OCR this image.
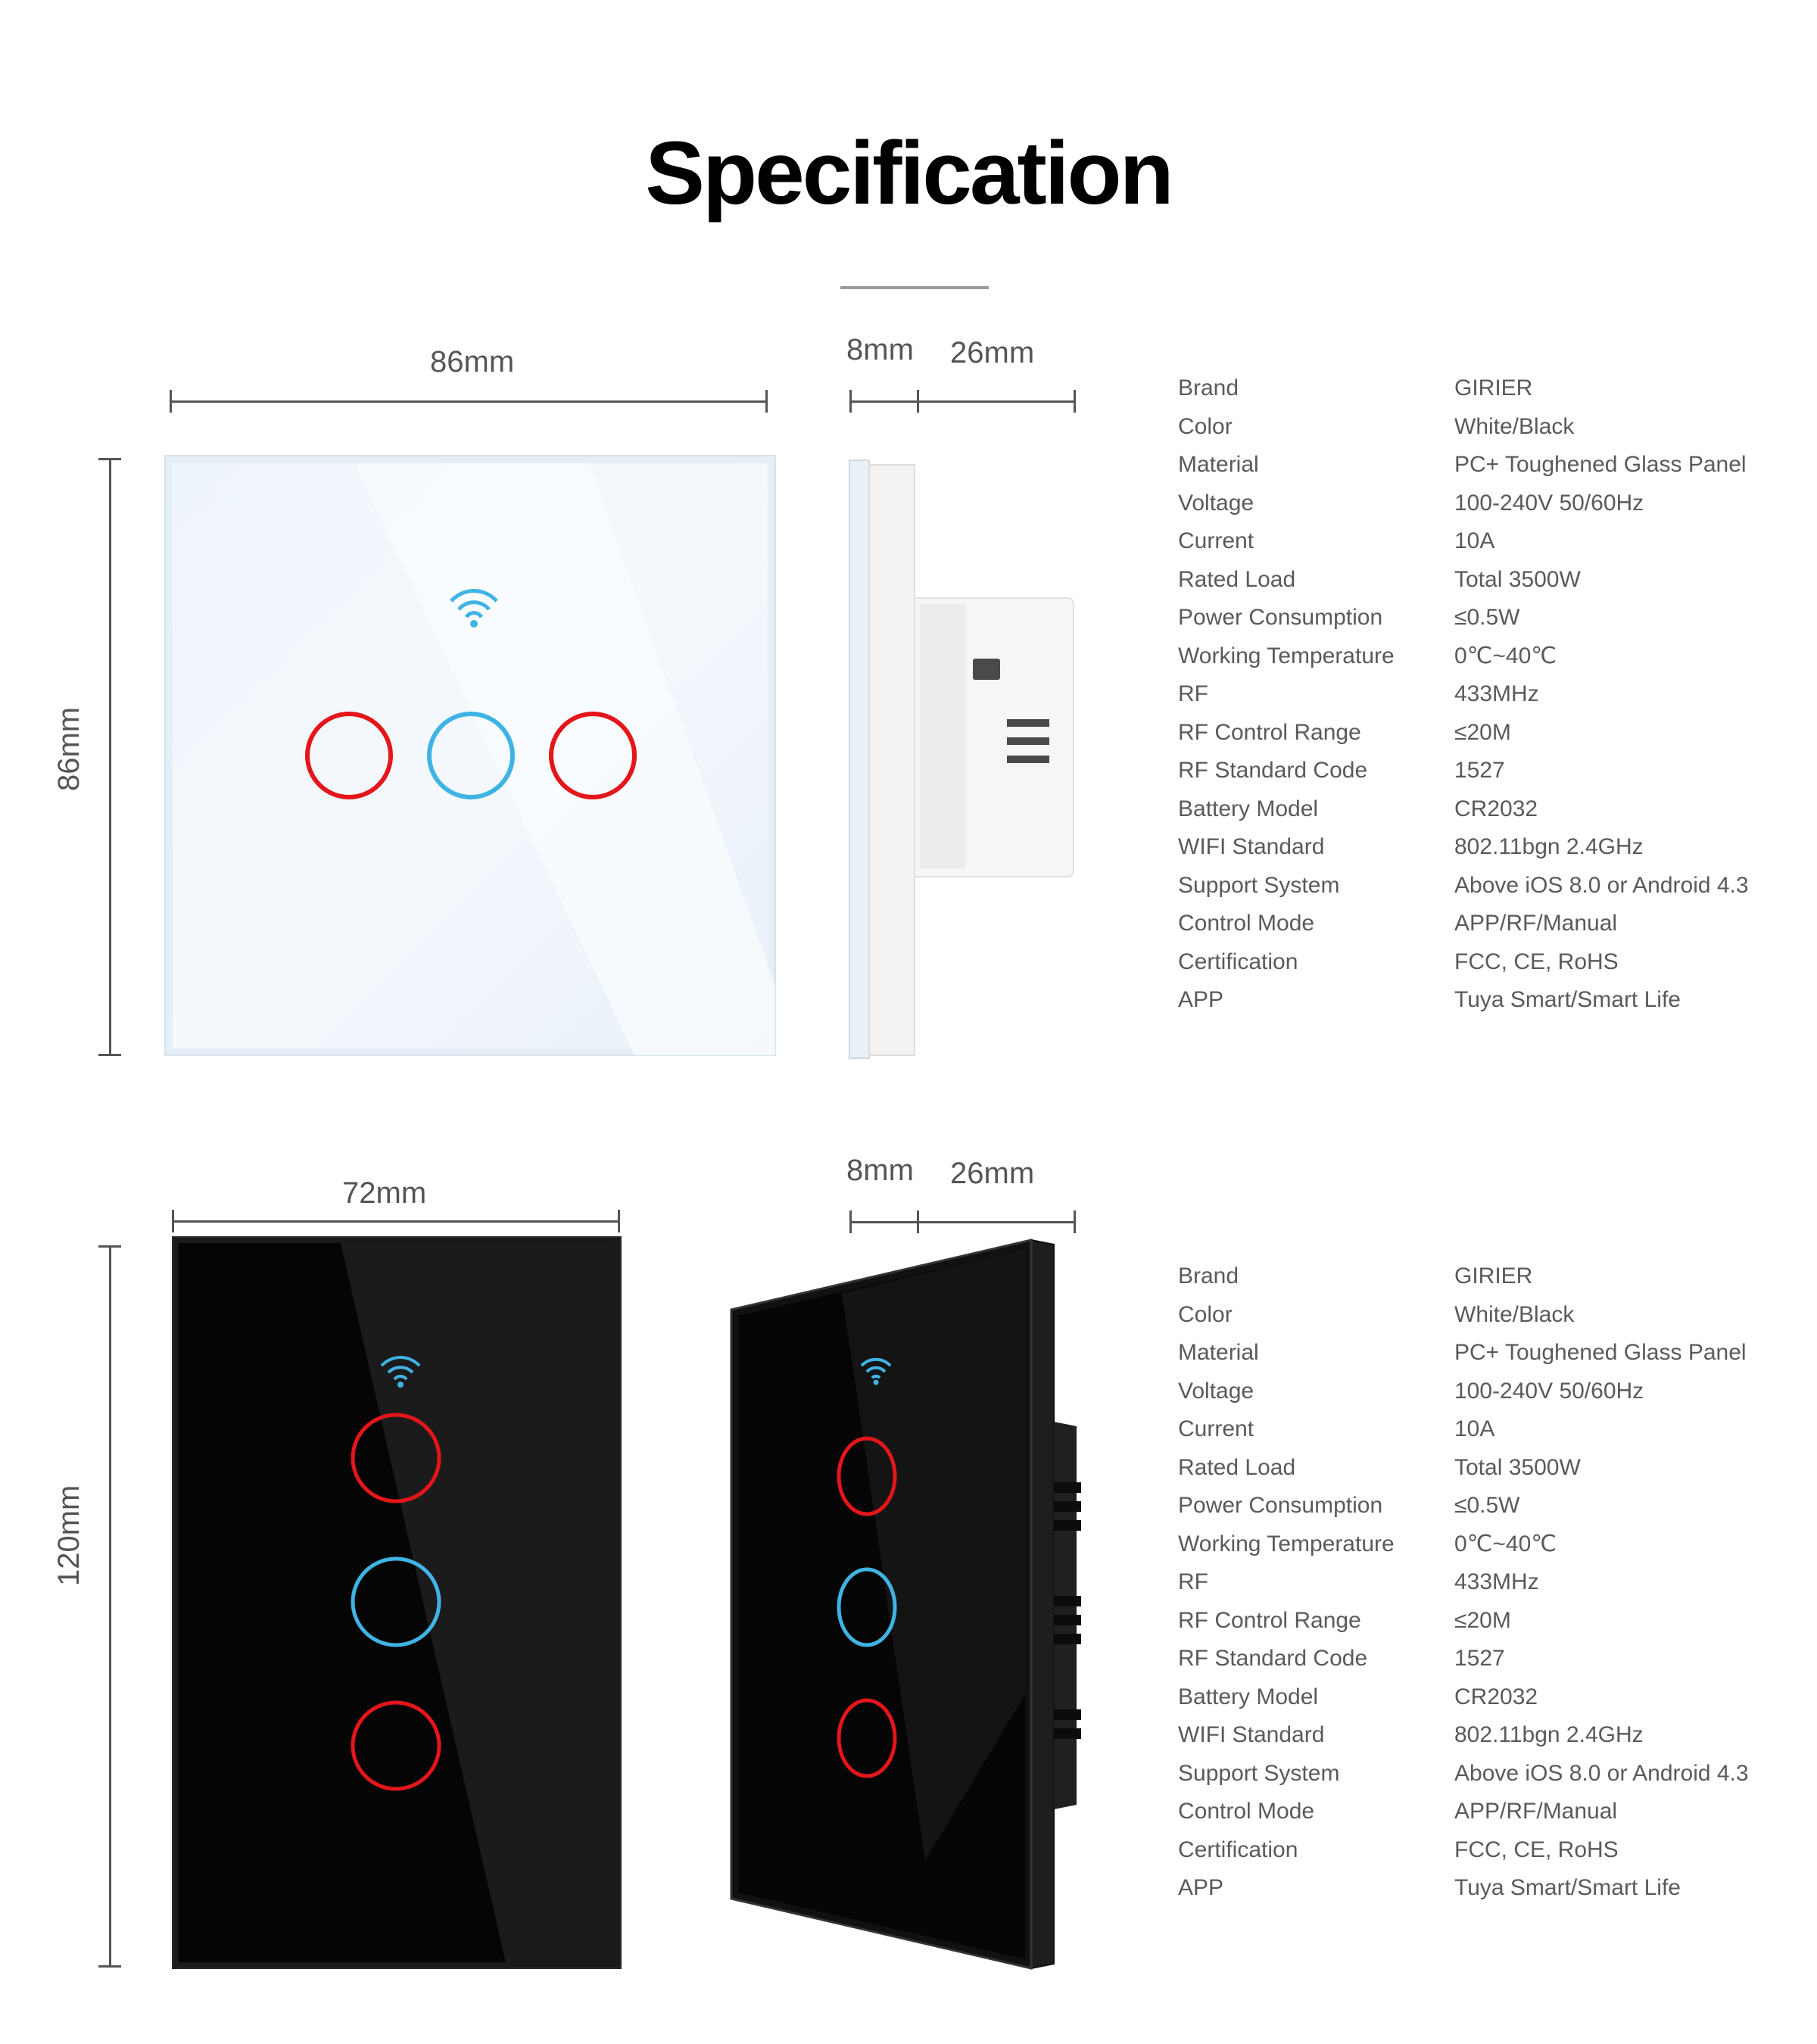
Specification
86mm
86mm
8mm 26mm
Brand	GIRIER
Color	White/Black
Material	PC+ Toughened Glass Panel
Voltage	100-240V 50/60Hz
Current	10A
Rated Load	Total 3500W
Power Consumption	≤0.5W
Working Temperature	0℃~40℃
RF	433MHz
RF Control Range	≤20M
RF Standard Code	1527
Battery Model	CR2032
WIFI Standard	802.11bgn 2.4GHz
Support System	Above iOS 8.0 or Android 4.3
Control Mode	APP/RF/Manual
Certification	FCC, CE, RoHS
APP	Tuya Smart/Smart Life
72mm
120mm
8mm 26mm
Brand	GIRIER
Color	White/Black
Material	PC+ Toughened Glass Panel
Voltage	100-240V 50/60Hz
Current	10A
Rated Load	Total 3500W
Power Consumption	≤0.5W
Working Temperature	0℃~40℃
RF	433MHz
RF Control Range	≤20M
RF Standard Code	1527
Battery Model	CR2032
WIFI Standard	802.11bgn 2.4GHz
Support System	Above iOS 8.0 or Android 4.3
Control Mode	APP/RF/Manual
Certification	FCC, CE, RoHS
APP	Tuya Smart/Smart Life
